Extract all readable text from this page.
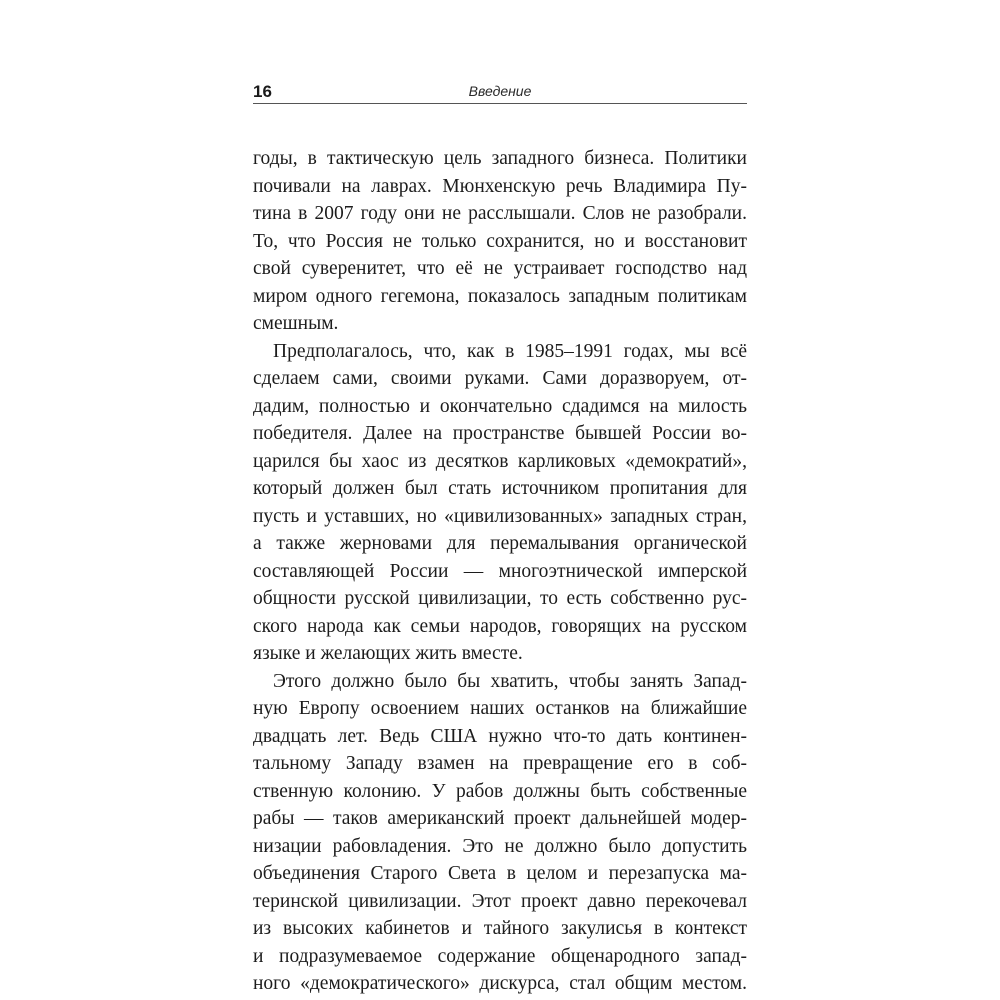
16	Введение
годы, в тактическую цель западного бизнеса. Политики
почивали на лаврах. Мюнхенскую речь Владимира Пу-
тина в 2007 году они не расслышали. Слов не разобрали.
То, что Россия не только сохранится, но и восстановит
свой суверенитет, что её не устраивает господство над
миром одного гегемона, показалось западным политикам
смешным.
Предполагалось, что, как в 1985–1991 годах, мы всё
сделаем сами, своими руками. Сами доразворуем, от-
дадим, полностью и окончательно сдадимся на милость
победителя. Далее на пространстве бывшей России во-
царился бы хаос из десятков карликовых «демократий»,
который должен был стать источником пропитания для
пусть и уставших, но «цивилизованных» западных стран,
а также жерновами для перемалывания органической
составляющей России — многоэтнической имперской
общности русской цивилизации, то есть собственно рус-
ского народа как семьи народов, говорящих на русском
языке и желающих жить вместе.
Этого должно было бы хватить, чтобы занять Запад-
ную Европу освоением наших останков на ближайшие
двадцать лет. Ведь США нужно что-то дать континен-
тальному Западу взамен на превращение его в соб-
ственную колонию. У рабов должны быть собственные
рабы — таков американский проект дальнейшей модер-
низации рабовладения. Это не должно было допустить
объединения Старого Света в целом и перезапуска ма-
теринской цивилизации. Этот проект давно перекочевал
из высоких кабинетов и тайного закулисья в контекст
и подразумеваемое содержание общенародного запад-
ного «демократического» дискурса, стал общим местом.
